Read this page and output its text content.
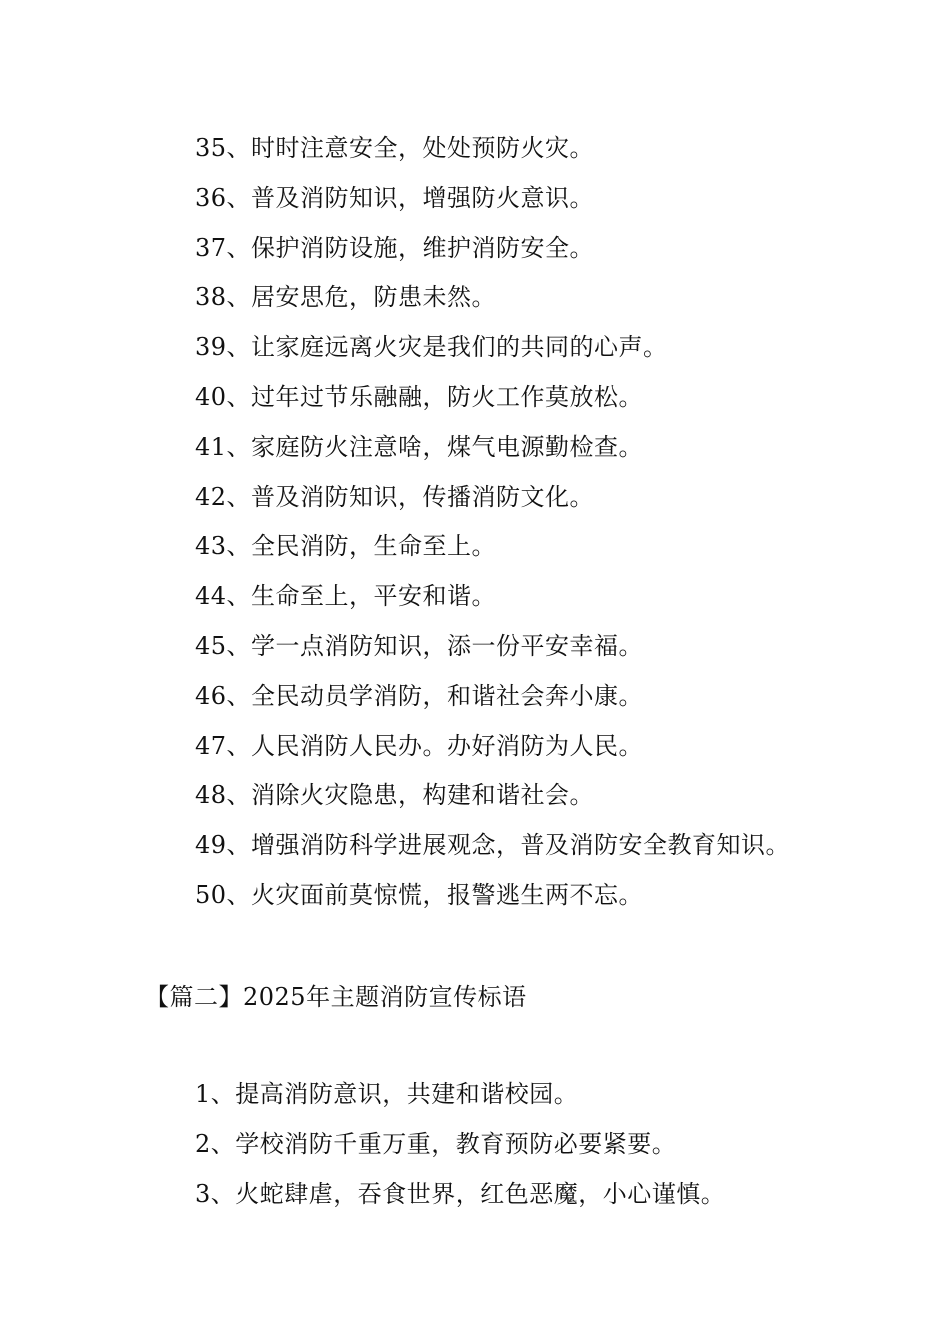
35、时时注意安全，处处预防火灾。
36、普及消防知识，增强防火意识。
37、保护消防设施，维护消防安全。
38、居安思危，防患未然。
39、让家庭远离火灾是我们的共同的心声。
40、过年过节乐融融，防火工作莫放松。
41、家庭防火注意啥，煤气电源勤检查。
42、普及消防知识，传播消防文化。
43、全民消防，生命至上。
44、生命至上，平安和谐。
45、学一点消防知识，添一份平安幸福。
46、全民动员学消防，和谐社会奔小康。
47、人民消防人民办。办好消防为人民。
48、消除火灾隐患，构建和谐社会。
49、增强消防科学进展观念，普及消防安全教育知识。
50、火灾面前莫惊慌，报警逃生两不忘。
【篇二】2025年主题消防宣传标语
1、提高消防意识，共建和谐校园。
2、学校消防千重万重，教育预防必要紧要。
3、火蛇肆虐，吞食世界，红色恶魔，小心谨慎。
